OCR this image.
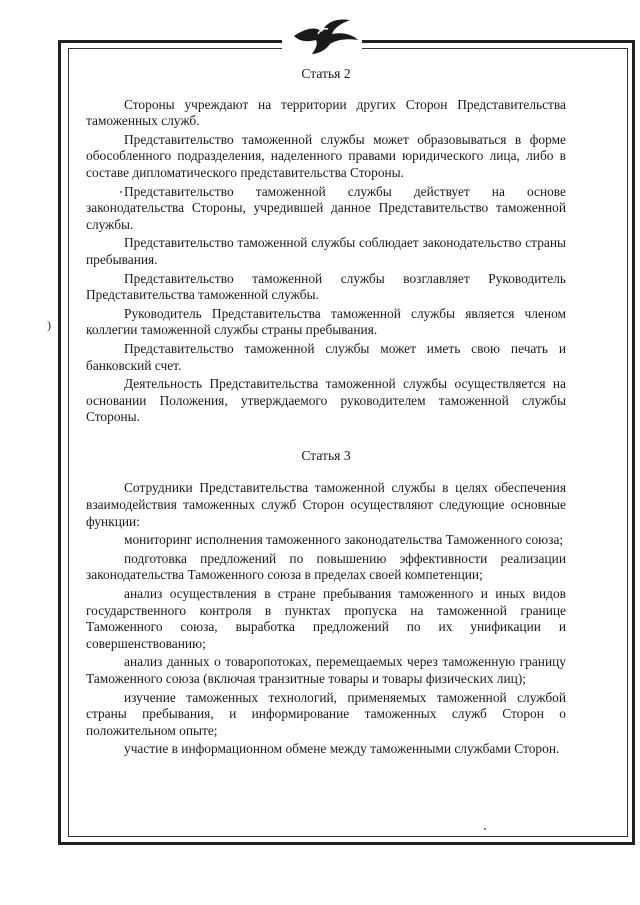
)
Статья 2

Стороны учреждают на территории других Сторон Представительства таможенных служб.

Представительство таможенной службы может образовываться в форме обособленного подразделения, наделенного правами юридического лица, либо в составе дипломатического представительства Стороны.

Представительство таможенной службы действует на основе законодательства Стороны, учредившей данное Представительство таможенной службы.

Представительство таможенной службы соблюдает законодательство страны пребывания.

Представительство таможенной службы возглавляет Руководитель Представительства таможенной службы.

Руководитель Представительства таможенной службы является членом коллегии таможенной службы страны пребывания.

Представительство таможенной службы может иметь свою печать и банковский счет.

Деятельность Представительства таможенной службы осуществляется на основании Положения, утверждаемого руководителем таможенной службы Стороны.

Статья 3

Сотрудники Представительства таможенной службы в целях обеспечения взаимодействия таможенных служб Сторон осуществляют следующие основные функции:

мониторинг исполнения таможенного законодательства Таможенного союза;

подготовка предложений по повышению эффективности реализации законодательства Таможенного союза в пределах своей компетенции;

анализ осуществления в стране пребывания таможенного и иных видов государственного контроля в пунктах пропуска на таможенной границе Таможенного союза, выработка предложений по их унификации и совершенствованию;

анализ данных о товаропотоках, перемещаемых через таможенную границу Таможенного союза (включая транзитные товары и товары физических лиц);

изучение таможенных технологий, применяемых таможенной службой страны пребывания, и информирование таможенных служб Сторон о положительном опыте;

участие в информационном обмене между таможенными службами Сторон.
